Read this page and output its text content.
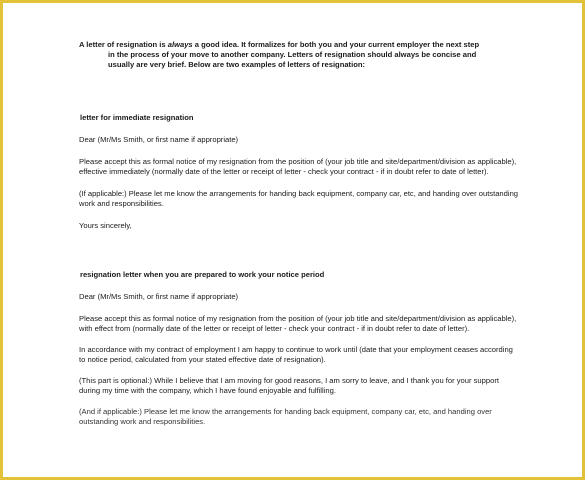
A letter of resignation is always a good idea. It formalizes for both you and your current employer the next step
in the process of your move to another company. Letters of resignation should always be concise and
usually are very brief. Below are two examples of letters of resignation:
letter for immediate resignation

Dear (Mr/Ms Smith, or first name if appropriate)

Please accept this as formal notice of my resignation from the position of (your job title and site/department/division as applicable), effective immediately (normally date of the letter or receipt of letter - check your contract - if in doubt refer to date of letter).

(If applicable:) Please let me know the arrangements for handing back equipment, company car, etc, and handing over outstanding work and responsibilities.

Yours sincerely,

resignation letter when you are prepared to work your notice period

Dear (Mr/Ms Smith, or first name if appropriate)

Please accept this as formal notice of my resignation from the position of (your job title and site/department/division as applicable), with effect from (normally date of the letter or receipt of letter - check your contract - if in doubt refer to date of letter).

In accordance with my contract of employment I am happy to continue to work until (date that your employment ceases according to notice period, calculated from your stated effective date of resignation).

(This part is optional:) While I believe that I am moving for good reasons, I am sorry to leave, and I thank you for your support during my time with the company, which I have found enjoyable and fulfilling.

(And if applicable:) Please let me know the arrangements for handing back equipment, company car, etc, and handing over outstanding work and responsibilities.
